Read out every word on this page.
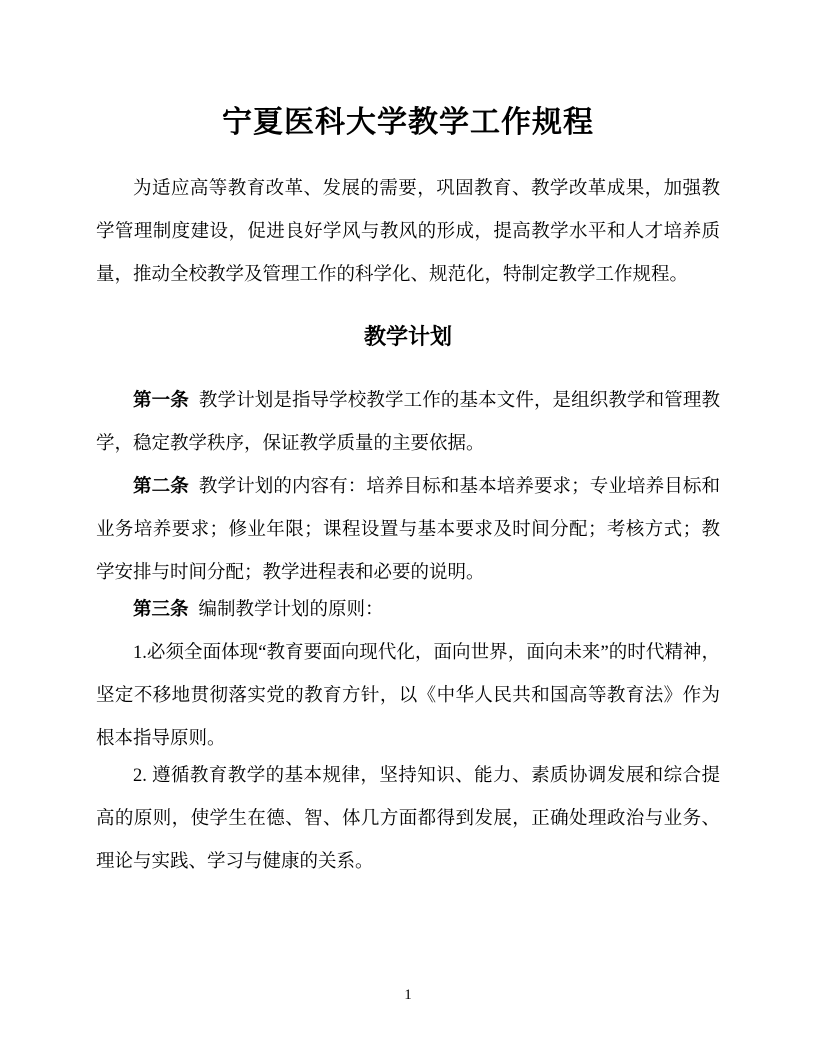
宁夏医科大学教学工作规程
为适应高等教育改革、发展的需要，巩固教育、教学改革成果，加强教
学管理制度建设，促进良好学风与教风的形成，提高教学水平和人才培养质
量，推动全校教学及管理工作的科学化、规范化，特制定教学工作规程。
教学计划
第一条 教学计划是指导学校教学工作的基本文件，是组织教学和管理教
学，稳定教学秩序，保证教学质量的主要依据。
第二条 教学计划的内容有：培养目标和基本培养要求；专业培养目标和
业务培养要求；修业年限；课程设置与基本要求及时间分配；考核方式；教
学安排与时间分配；教学进程表和必要的说明。
第三条 编制教学计划的原则：
1.必须全面体现“教育要面向现代化，面向世界，面向未来”的时代精神，
坚定不移地贯彻落实党的教育方针，以《中华人民共和国高等教育法》作为
根本指导原则。
2. 遵循教育教学的基本规律，坚持知识、能力、素质协调发展和综合提
高的原则，使学生在德、智、体几方面都得到发展，正确处理政治与业务、
理论与实践、学习与健康的关系。
1
